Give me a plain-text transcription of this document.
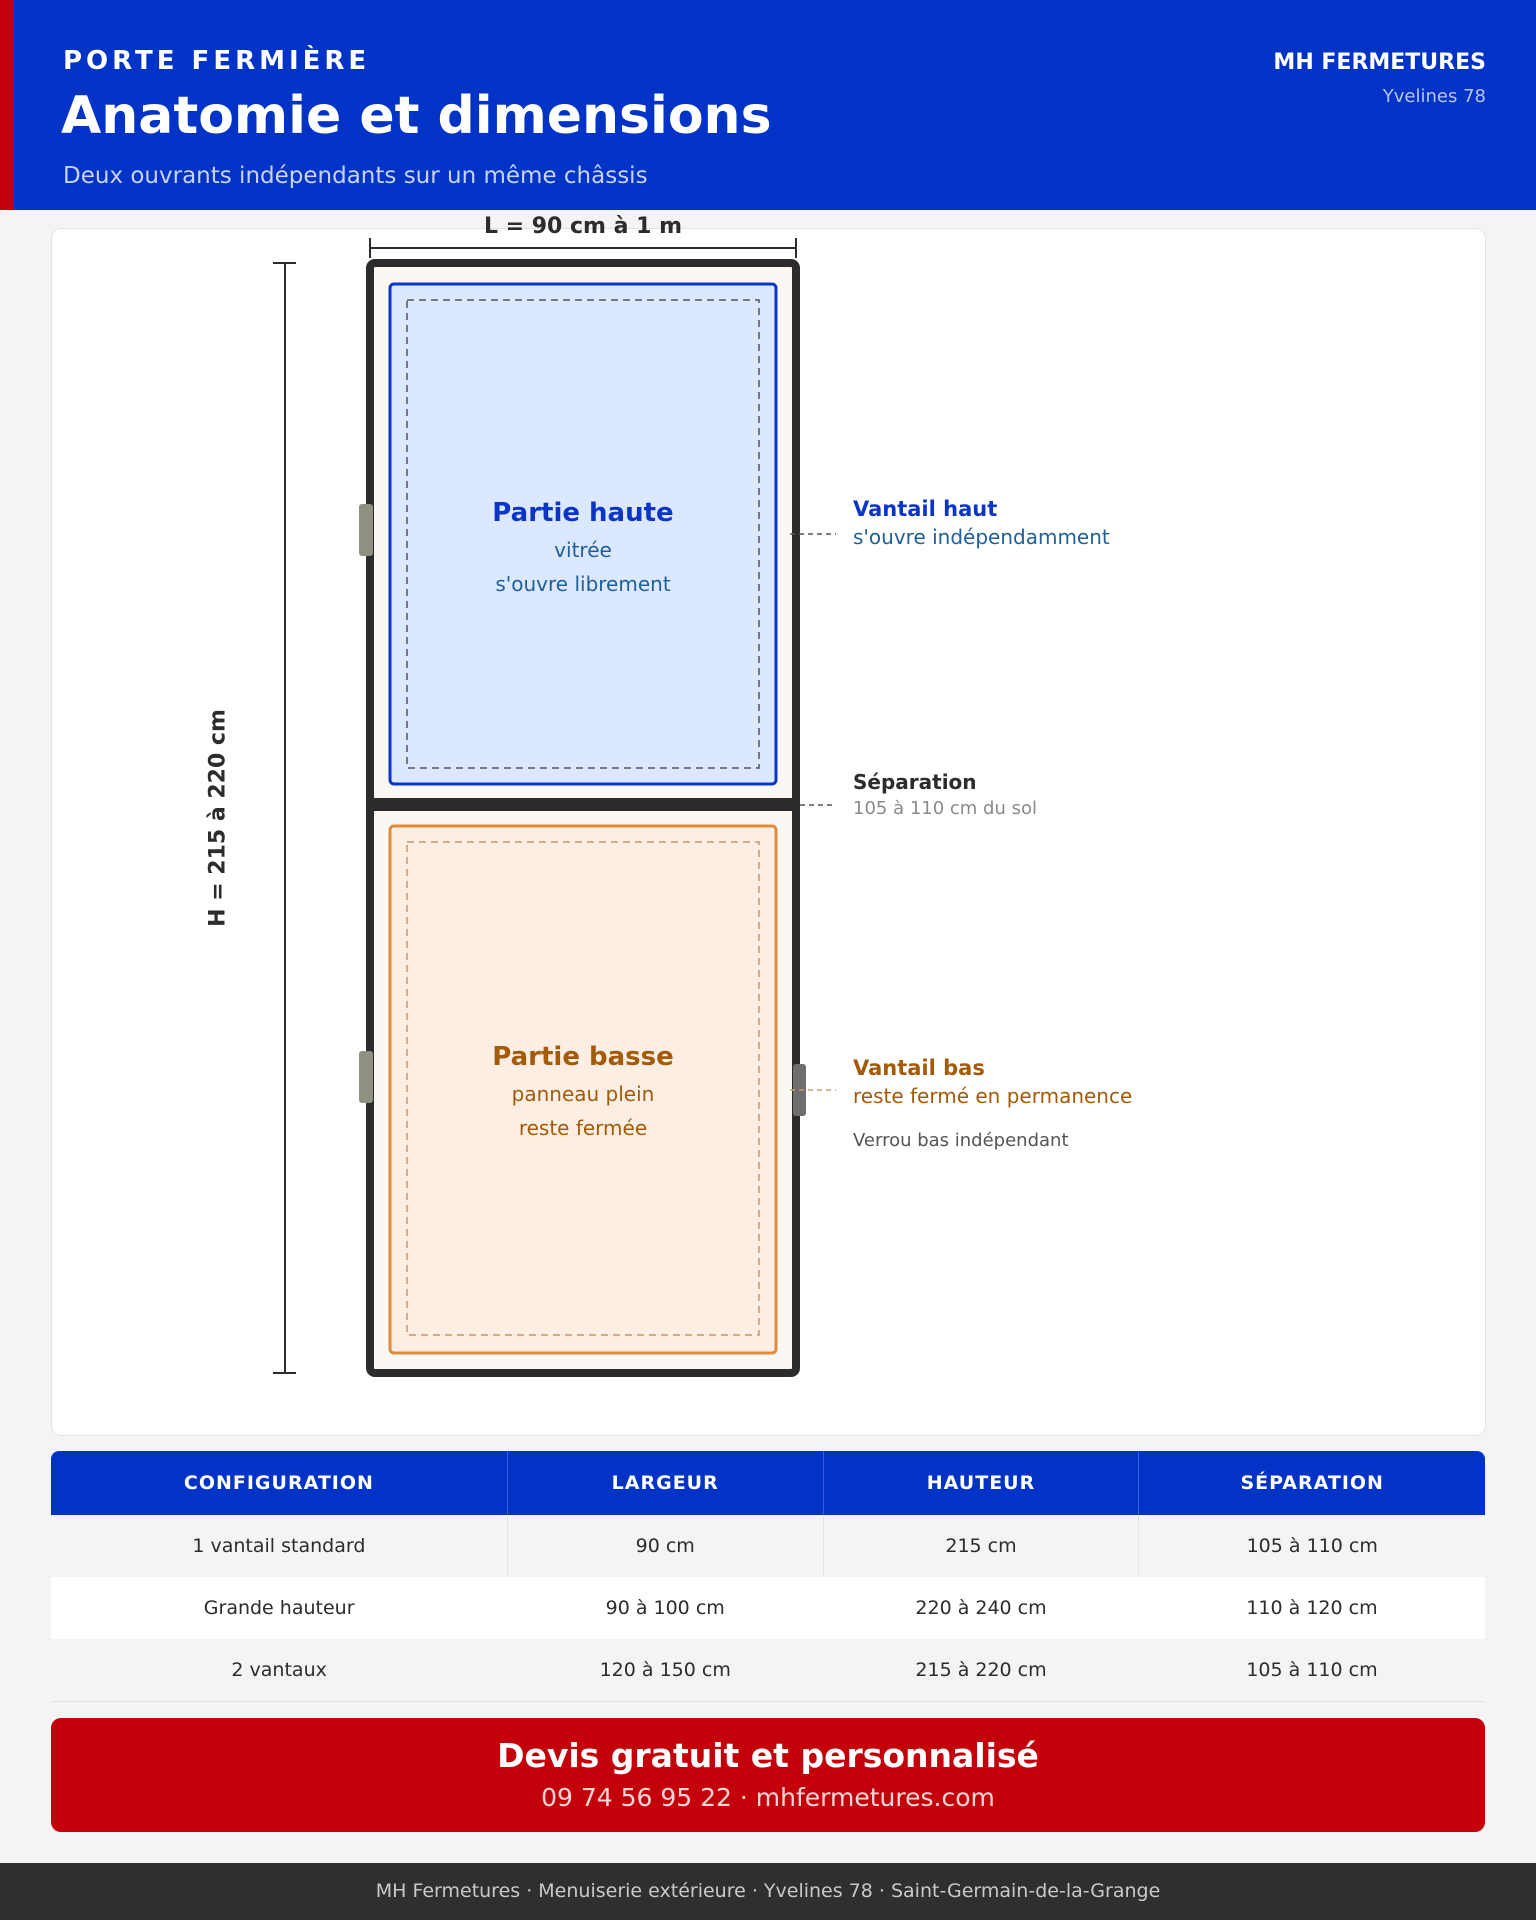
PORTE FERMIÈRE
Anatomie et dimensions
Deux ouvrants indépendants sur un même châssis
MH FERMETURES
Yvelines 78
L = 90 cm à 1 m
H = 215 à 220 cm
Partie haute
vitrée
s'ouvre librement
Partie basse
panneau plein
reste fermée
Vantail haut
s'ouvre indépendamment
Séparation
105 à 110 cm du sol
Vantail bas
reste fermé en permanence
Verrou bas indépendant
CONFIGURATION	LARGEUR	HAUTEUR	SÉPARATION
1 vantail standard	90 cm	215 cm	105 à 110 cm
Grande hauteur	90 à 100 cm	220 à 240 cm	110 à 120 cm
2 vantaux	120 à 150 cm	215 à 220 cm	105 à 110 cm
Devis gratuit et personnalisé
09 74 56 95 22 · mhfermetures.com
MH Fermetures · Menuiserie extérieure · Yvelines 78 · Saint-Germain-de-la-Grange
